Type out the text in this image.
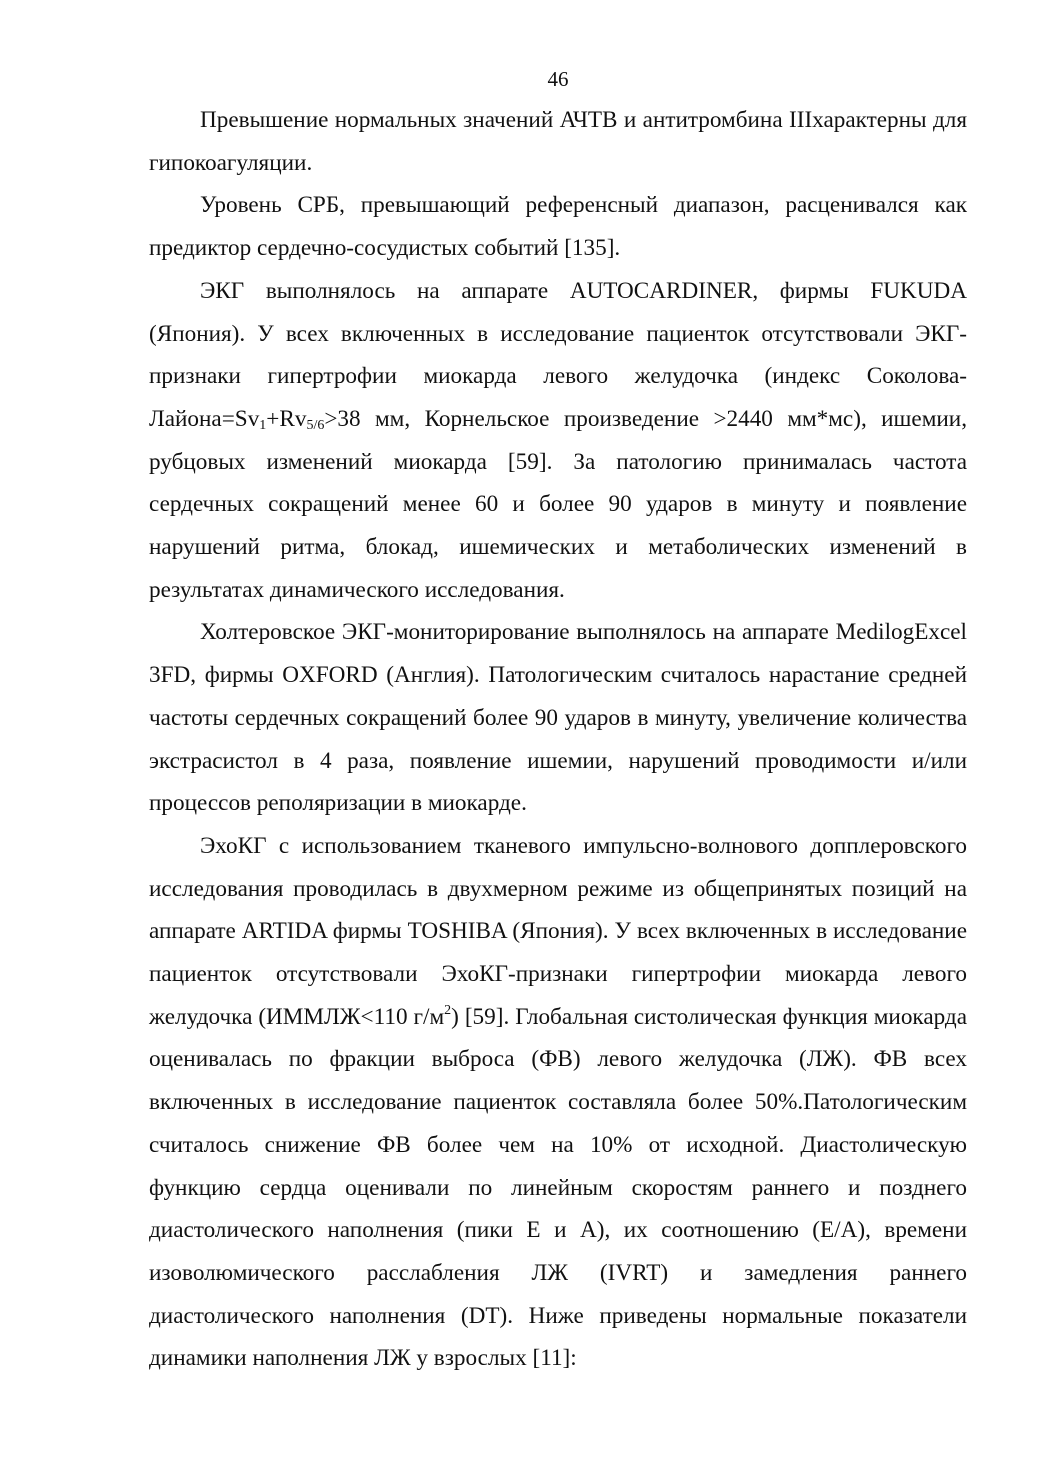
46

Превышение нормальных значений АЧТВ и антитромбина IIIхарактерны для гипокоагуляции.

Уровень СРБ, превышающий референсный диапазон, расценивался как предиктор сердечно-сосудистых событий [135].

ЭКГ выполнялось на аппарате AUTOCARDINER, фирмы FUKUDA (Япония). У всех включенных в исследование пациенток отсутствовали ЭКГ-признаки гипертрофии миокарда левого желудочка (индекс Соколова-$Лайона=Sv_1+Rv_{5/6}>38$ мм, Корнельское произведение >2440 мм*мс), ишемии, рубцовых изменений миокарда [59]. За патологию принималась частота сердечных сокращений менее 60 и более 90 ударов в минуту и появление нарушений ритма, блокад, ишемических и метаболических изменений в результатах динамического исследования.

Холтеровское ЭКГ-мониторирование выполнялось на аппарате MedilogExcel 3FD, фирмы OXFORD (Англия). Патологическим считалось нарастание средней частоты сердечных сокращений более 90 ударов в минуту, увеличение количества экстрасистол в 4 раза, появление ишемии, нарушений проводимости и/или процессов реполяризации в миокарде.

ЭхоКГ с использованием тканевого импульсно-волнового допплеровского исследования проводилась в двухмерном режиме из общепринятых позиций на аппарате ARTIDA фирмы TOSHIBA (Япония). У всех включенных в исследование пациенток отсутствовали ЭхоКГ-признаки гипертрофии миокарда левого желудочка (ИММЛЖ<110 $г/м^2$) [59]. Глобальная систолическая функция миокарда оценивалась по фракции выброса (ФВ) левого желудочка (ЛЖ). ФВ всех включенных в исследование пациенток составляла более 50%.Патологическим считалось снижение ФВ более чем на 10% от исходной. Диастолическую функцию сердца оценивали по линейным скоростям раннего и позднего диастолического наполнения (пики E и A), их соотношению (E/A), времени изоволюмического расслабления ЛЖ (IVRT) и замедления раннего диастолического наполнения (DT). Ниже приведены нормальные показатели динамики наполнения ЛЖ у взрослых [11]:
